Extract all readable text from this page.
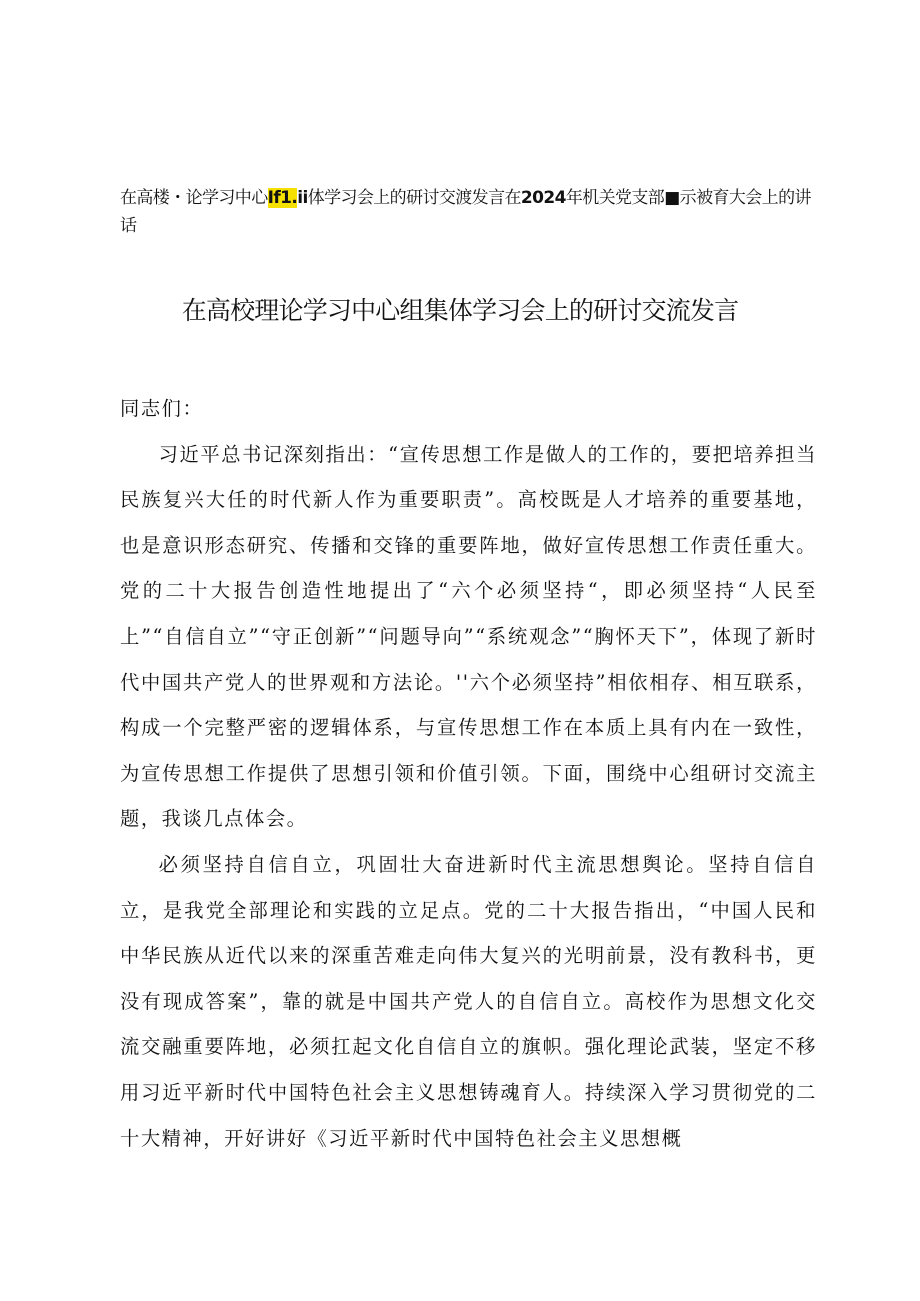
在高楼・论学习中心If1.ii体学习会上的研讨交渡发言在2024年机关党支部■示被育大会上的讲话
在高校理论学习中心组集体学习会上的研讨交流发言

同志们：

习近平总书记深刻指出：“宣传思想工作是做人的工作的，要把培养担当民族复兴大任的时代新人作为重要职责”。高校既是人才培养的重要基地，也是意识形态研究、传播和交锋的重要阵地，做好宣传思想工作责任重大。党的二十大报告创造性地提出了“六个必须坚持“，即必须坚持“人民至上”“自信自立”“守正创新”“问题导向”“系统观念”“胸怀天下”，体现了新时代中国共产党人的世界观和方法论。''六个必须坚持”相依相存、相互联系，构成一个完整严密的逻辑体系，与宣传思想工作在本质上具有内在一致性，为宣传思想工作提供了思想引领和价值引领。下面，围绕中心组研讨交流主题，我谈几点体会。

必须坚持自信自立，巩固壮大奋进新时代主流思想舆论。坚持自信自立，是我党全部理论和实践的立足点。党的二十大报告指出，“中国人民和中华民族从近代以来的深重苦难走向伟大复兴的光明前景，没有教科书，更没有现成答案”，靠的就是中国共产党人的自信自立。高校作为思想文化交流交融重要阵地，必须扛起文化自信自立的旗帜。强化理论武装，坚定不移用习近平新时代中国特色社会主义思想铸魂育人。持续深入学习贯彻党的二十大精神，开好讲好《习近平新时代中国特色社会主义思想概
